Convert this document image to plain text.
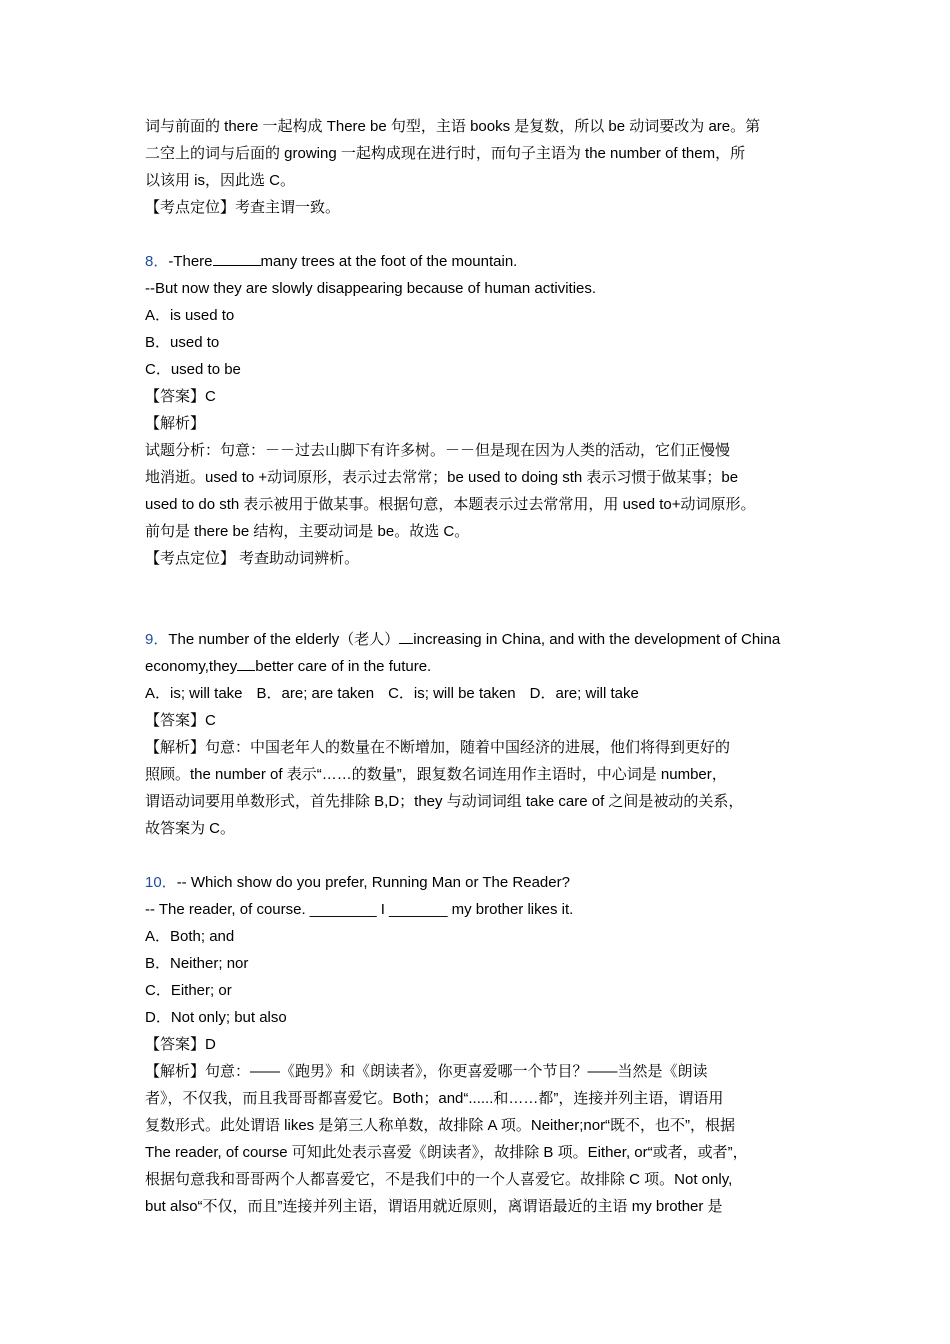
词与前面的 there 一起构成 There be 句型，主语 books 是复数，所以 be 动词要改为 are。第
二空上的词与后面的 growing 一起构成现在进行时，而句子主语为 the number of them，所
以该用 is，因此选 C。
【考点定位】考查主谓一致。
8．-There	many trees at the foot of the mountain.
--But now they are slowly disappearing because of human activities.
A．is used to
B．used to
C．used to be
【答案】C
【解析】
试题分析：句意：－－过去山脚下有许多树。－－但是现在因为人类的活动，它们正慢慢
地消逝。used to +动词原形，表示过去常常；be used to doing sth 表示习惯于做某事；be
used to do sth 表示被用于做某事。根据句意，本题表示过去常常用，用 used to+动词原形。
前句是 there be 结构，主要动词是 be。故选 C。
【考点定位】 考查助动词辨析。
9．The number of the elderly（老人） increasing in China, and with the development of China
economy,they better care of in the future.
A．is; will take B．are; are taken C．is; will be taken D．are; will take
【答案】C
【解析】句意：中国老年人的数量在不断增加，随着中国经济的进展，他们将得到更好的
照顾。the number of 表示“……的数量”，跟复数名词连用作主语时，中心词是 number，
谓语动词要用单数形式，首先排除 B,D；they 与动词词组 take care of 之间是被动的关系，
故答案为 C。
10．-- Which show do you prefer, Running Man or The Reader?
-- The reader, of course. ________ I _______ my brother likes it.
A．Both; and
B．Neither; nor
C．Either; or
D．Not only; but also
【答案】D
【解析】句意：——《跑男》和《朗读者》，你更喜爱哪一个节目？——当然是《朗读
者》，不仅我，而且我哥哥都喜爱它。Both；and“......和……都”，连接并列主语，谓语用
复数形式。此处谓语 likes 是第三人称单数，故排除 A 项。Neither;nor“既不，也不”，根据
The reader, of course 可知此处表示喜爱《朗读者》，故排除 B 项。Either, or“或者，或者”，
根据句意我和哥哥两个人都喜爱它，不是我们中的一个人喜爱它。故排除 C 项。Not only,
but also“不仅，而且”连接并列主语，谓语用就近原则，离谓语最近的主语 my brother 是
